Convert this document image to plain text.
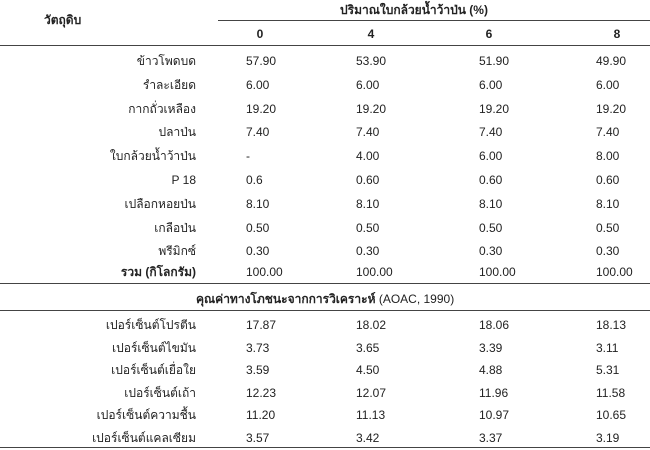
วัตถุดิบ
ปริมาณใบกล้วยน้ำว้าป่น (%)
0	4	6	8
ข้าวโพดบด	57.90	53.90	51.90	49.90
รำละเอียด	6.00	6.00	6.00	6.00
กากถั่วเหลือง	19.20	19.20	19.20	19.20
ปลาป่น	7.40	7.40	7.40	7.40
ใบกล้วยน้ำว้าป่น	-	4.00	6.00	8.00
P 18	0.6	0.60	0.60	0.60
เปลือกหอยป่น	8.10	8.10	8.10	8.10
เกลือป่น	0.50	0.50	0.50	0.50
พรีมิกซ์	0.30	0.30	0.30	0.30
รวม (กิโลกรัม)	100.00	100.00	100.00	100.00
คุณค่าทางโภชนะจากการวิเคราะห์ (AOAC, 1990)
เปอร์เซ็นต์โปรตีน	17.87	18.02	18.06	18.13
เปอร์เซ็นต์ไขมัน	3.73	3.65	3.39	3.11
เปอร์เซ็นต์เยื่อใย	3.59	4.50	4.88	5.31
เปอร์เซ็นต์เถ้า	12.23	12.07	11.96	11.58
เปอร์เซ็นต์ความชื้น	11.20	11.13	10.97	10.65
เปอร์เซ็นต์แคลเซียม	3.57	3.42	3.37	3.19
